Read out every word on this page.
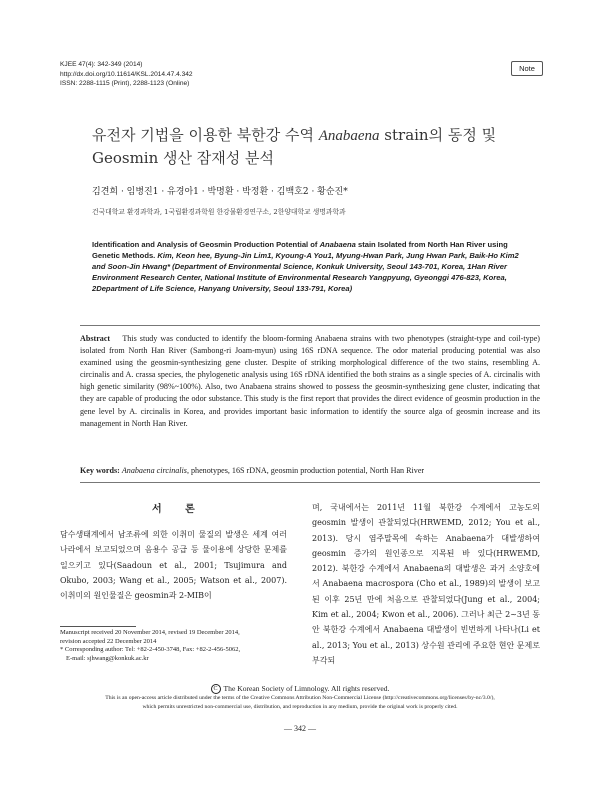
KJEE 47(4): 342-349 (2014)
http://dx.doi.org/10.11614/KSL.2014.47.4.342
ISSN: 2288-1115 (Print), 2288-1123 (Online)
Note
유전자 기법을 이용한 북한강 수역 Anabaena strain의 동정 및
Geosmin 생산 잠재성 분석
김견희 · 임병진1 · 유경아1 · 박명환 · 박정환 · 김백호2 · 황순진*
건국대학교 환경과학과, 1국립환경과학원 한강물환경연구소, 2한양대학교 생명과학과
Identification and Analysis of Geosmin Production Potential of Anabaena stain Isolated from North Han River using Genetic Methods. Kim, Keon hee, Byung-Jin Lim1, Kyoung-A You1, Myung-Hwan Park, Jung Hwan Park, Baik-Ho Kim2 and Soon-Jin Hwang* (Department of Environmental Science, Konkuk University, Seoul 143-701, Korea, 1Han River Environment Research Center, National Institute of Environmental Research Yangpyung, Gyeonggi 476-823, Korea, 2Department of Life Science, Hanyang University, Seoul 133-791, Korea)
Abstract This study was conducted to identify the bloom-forming Anabaena strains with two phenotypes (straight-type and coil-type) isolated from North Han River (Sambong-ri Joam-myun) using 16S rDNA sequence. The odor material producing potential was also examined using the geosmin-synthesizing gene cluster. Despite of striking morphological difference of the two stains, resembling A. circinalis and A. crassa species, the phylogenetic analysis using 16S rDNA identified the both strains as a single species of A. circinalis with high genetic similarity (98%~100%). Also, two Anabaena strains showed to possess the geosmin-synthesizing gene cluster, indicating that they are capable of producing the odor substance. This study is the first report that provides the direct evidence of geosmin production in the gene level by A. circinalis in Korea, and provides important basic information to identify the source alga of geosmin increase and its management in North Han River.
Key words: Anabaena circinalis, phenotypes, 16S rDNA, geosmin production potential, North Han River
서 론
담수생태계에서 남조류에 의한 이취미 물질의 발생은 세계 여러 나라에서 보고되었으며 음용수 공급 등 물이용에 상당한 문제를 일으키고 있다(Saadoun et al., 2001; Tsujimura and Okubo, 2003; Wang et al., 2005; Watson et al., 2007). 이취미의 원인물질은 geosmin과 2-MIB이
며, 국내에서는 2011년 11월 북한강 수계에서 고농도의 geosmin 발생이 관찰되었다(HRWEMD, 2012; You et al., 2013). 당시 염주말목에 속하는 Anabaena가 대발생하여 geosmin 증가의 원인종으로 지목된 바 있다(HRWEMD, 2012). 북한강 수계에서 Anabaena의 대발생은 과거 소양호에서 Anabaena macrospora (Cho et al., 1989)의 발생이 보고된 이후 25년 만에 처음으로 관찰되었다(Jung et al., 2004; Kim et al., 2004; Kwon et al., 2006). 그러나 최근 2~3년 동안 북한강 수계에서 Anabaena 대발생이 빈번하게 나타나(Li et al., 2013; You et al., 2013) 상수원 관리에 주요한 현안 문제로 부각되
Manuscript received 20 November 2014, revised 19 December 2014,
revision accepted 22 December 2014
* Corresponding author: Tel: +82-2-450-3748, Fax: +82-2-456-5062,
E-mail: sjhwang@konkuk.ac.kr
C The Korean Society of Limnology. All rights reserved.
This is an open-access article distributed under the terms of the Creative Commons Attribution Non-Commercial License (http://creativecommons.org/licenses/by-nc/3.0/),
which permits unrestricted non-commercial use, distribution, and reproduction in any medium, provide the original work is properly cited.
— 342 —
